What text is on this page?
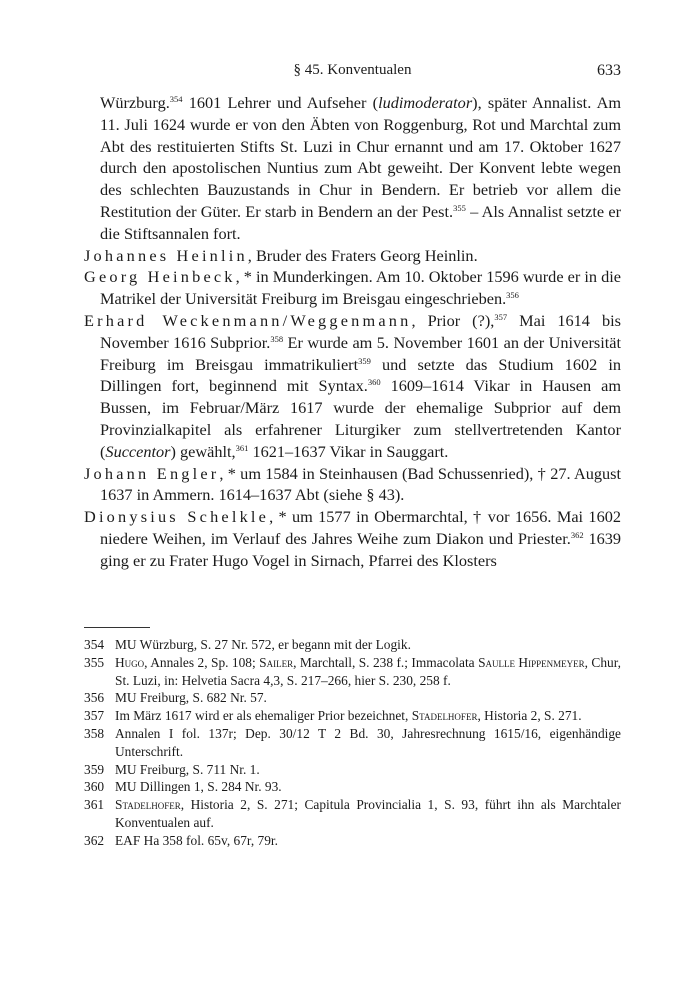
§ 45. Konventualen	633

Würzburg.$^{354}$ 1601 Lehrer und Aufseher (ludimoderator), später Annalist. Am 11. Juli 1624 wurde er von den Äbten von Roggenburg, Rot und Marchtal zum Abt des restituierten Stifts St. Luzi in Chur ernannt und am 17. Oktober 1627 durch den apostolischen Nuntius zum Abt geweiht. Der Konvent lebte wegen des schlechten Bauzustands in Chur in Bendern. Er betrieb vor allem die Restitution der Güter. Er starb in Bendern an der Pest.$^{355}$ – Als Annalist setzte er die Stiftsannalen fort.

Johannes Heinlin, Bruder des Fraters Georg Heinlin.

Georg Heinbeck, * in Munderkingen. Am 10. Oktober 1596 wurde er in die Matrikel der Universität Freiburg im Breisgau eingeschrieben.$^{356}$

Erhard Weckenmann/Weggenmann, Prior (?),$^{357}$ Mai 1614 bis November 1616 Subprior.$^{358}$ Er wurde am 5. November 1601 an der Universität Freiburg im Breisgau immatrikuliert$^{359}$ und setzte das Studium 1602 in Dillingen fort, beginnend mit Syntax.$^{360}$ 1609–1614 Vikar in Hausen am Bussen, im Februar/März 1617 wurde der ehemalige Subprior auf dem Provinzialkapitel als erfahrener Liturgiker zum stellvertretenden Kantor (Succentor) gewählt,$^{361}$ 1621–1637 Vikar in Sauggart.

Johann Engler, * um 1584 in Steinhausen (Bad Schussenried), † 27. August 1637 in Ammern. 1614–1637 Abt (siehe § 43).

Dionysius Schelkle, * um 1577 in Obermarchtal, † vor 1656. Mai 1602 niedere Weihen, im Verlauf des Jahres Weihe zum Diakon und Priester.$^{362}$ 1639 ging er zu Frater Hugo Vogel in Sirnach, Pfarrei des Klosters

354 MU Würzburg, S. 27 Nr. 572, er begann mit der Logik.
355 Hugo, Annales 2, Sp. 108; Sailer, Marchtall, S. 238 f.; Immacolata Saulle Hippenmeyer, Chur, St. Luzi, in: Helvetia Sacra 4,3, S. 217–266, hier S. 230, 258 f.
356 MU Freiburg, S. 682 Nr. 57.
357 Im März 1617 wird er als ehemaliger Prior bezeichnet, Stadelhofer, Historia 2, S. 271.
358 Annalen I fol. 137r; Dep. 30/12 T 2 Bd. 30, Jahresrechnung 1615/16, eigenhändige Unterschrift.
359 MU Freiburg, S. 711 Nr. 1.
360 MU Dillingen 1, S. 284 Nr. 93.
361 Stadelhofer, Historia 2, S. 271; Capitula Provincialia 1, S. 93, führt ihn als Marchtaler Konventualen auf.
362 EAF Ha 358 fol. 65v, 67r, 79r.
